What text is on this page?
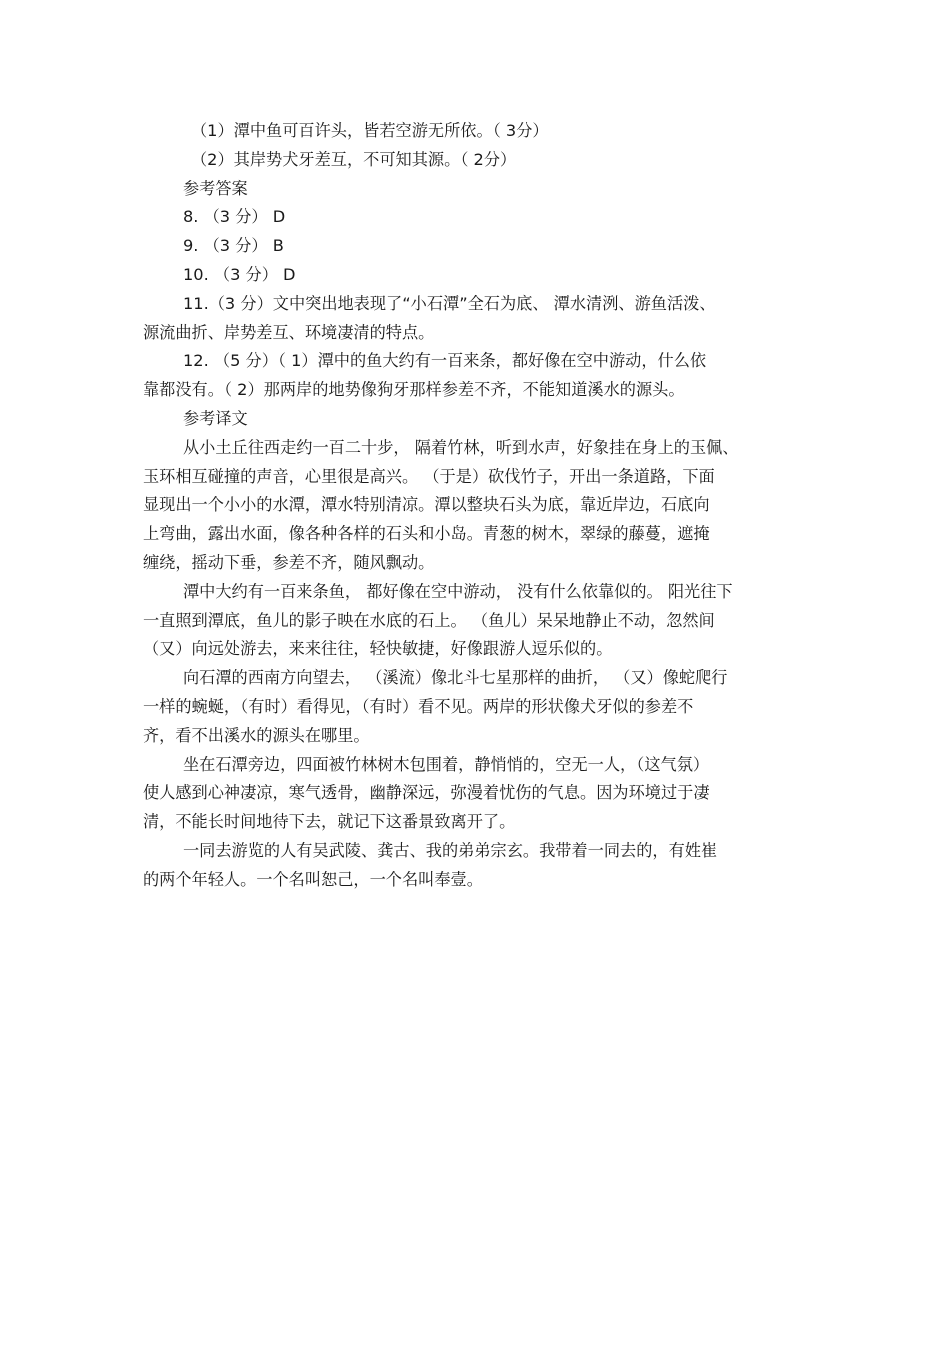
（1）潭中鱼可百许头，皆若空游无所依。（ 3分）
（2）其岸势犬牙差互，不可知其源。（ 2分）
参考答案
8. （3 分） D
9. （3 分） B
10. （3 分） D
11.（3 分）文中突出地表现了“小石潭”全石为底、 潭水清洌、游鱼活泼、
源流曲折、岸势差互、环境凄清的特点。
12. （5 分）（ 1）潭中的鱼大约有一百来条，都好像在空中游动，什么依
靠都没有。（ 2）那两岸的地势像狗牙那样参差不齐，不能知道溪水的源头。
参考译文
从小土丘往西走约一百二十步， 隔着竹林，听到水声，好象挂在身上的玉佩、
玉环相互碰撞的声音，心里很是高兴。 （于是）砍伐竹子，开出一条道路，下面
显现出一个小小的水潭，潭水特别清凉。潭以整块石头为底，靠近岸边，石底向
上弯曲，露出水面，像各种各样的石头和小岛。青葱的树木，翠绿的藤蔓，遮掩
缠绕，摇动下垂，参差不齐，随风飘动。
潭中大约有一百来条鱼， 都好像在空中游动， 没有什么依靠似的。 阳光往下
一直照到潭底，鱼儿的影子映在水底的石上。 （鱼儿）呆呆地静止不动，忽然间
（又）向远处游去，来来往往，轻快敏捷，好像跟游人逗乐似的。
向石潭的西南方向望去， （溪流）像北斗七星那样的曲折， （又）像蛇爬行
一样的蜿蜒，（有时）看得见，（有时）看不见。两岸的形状像犬牙似的参差不
齐，看不出溪水的源头在哪里。
坐在石潭旁边，四面被竹林树木包围着，静悄悄的，空无一人，（这气氛）
使人感到心神凄凉，寒气透骨，幽静深远，弥漫着忧伤的气息。因为环境过于凄
清，不能长时间地待下去，就记下这番景致离开了。
一同去游览的人有吴武陵、龚古、我的弟弟宗玄。我带着一同去的，有姓崔
的两个年轻人。一个名叫恕己，一个名叫奉壹。
